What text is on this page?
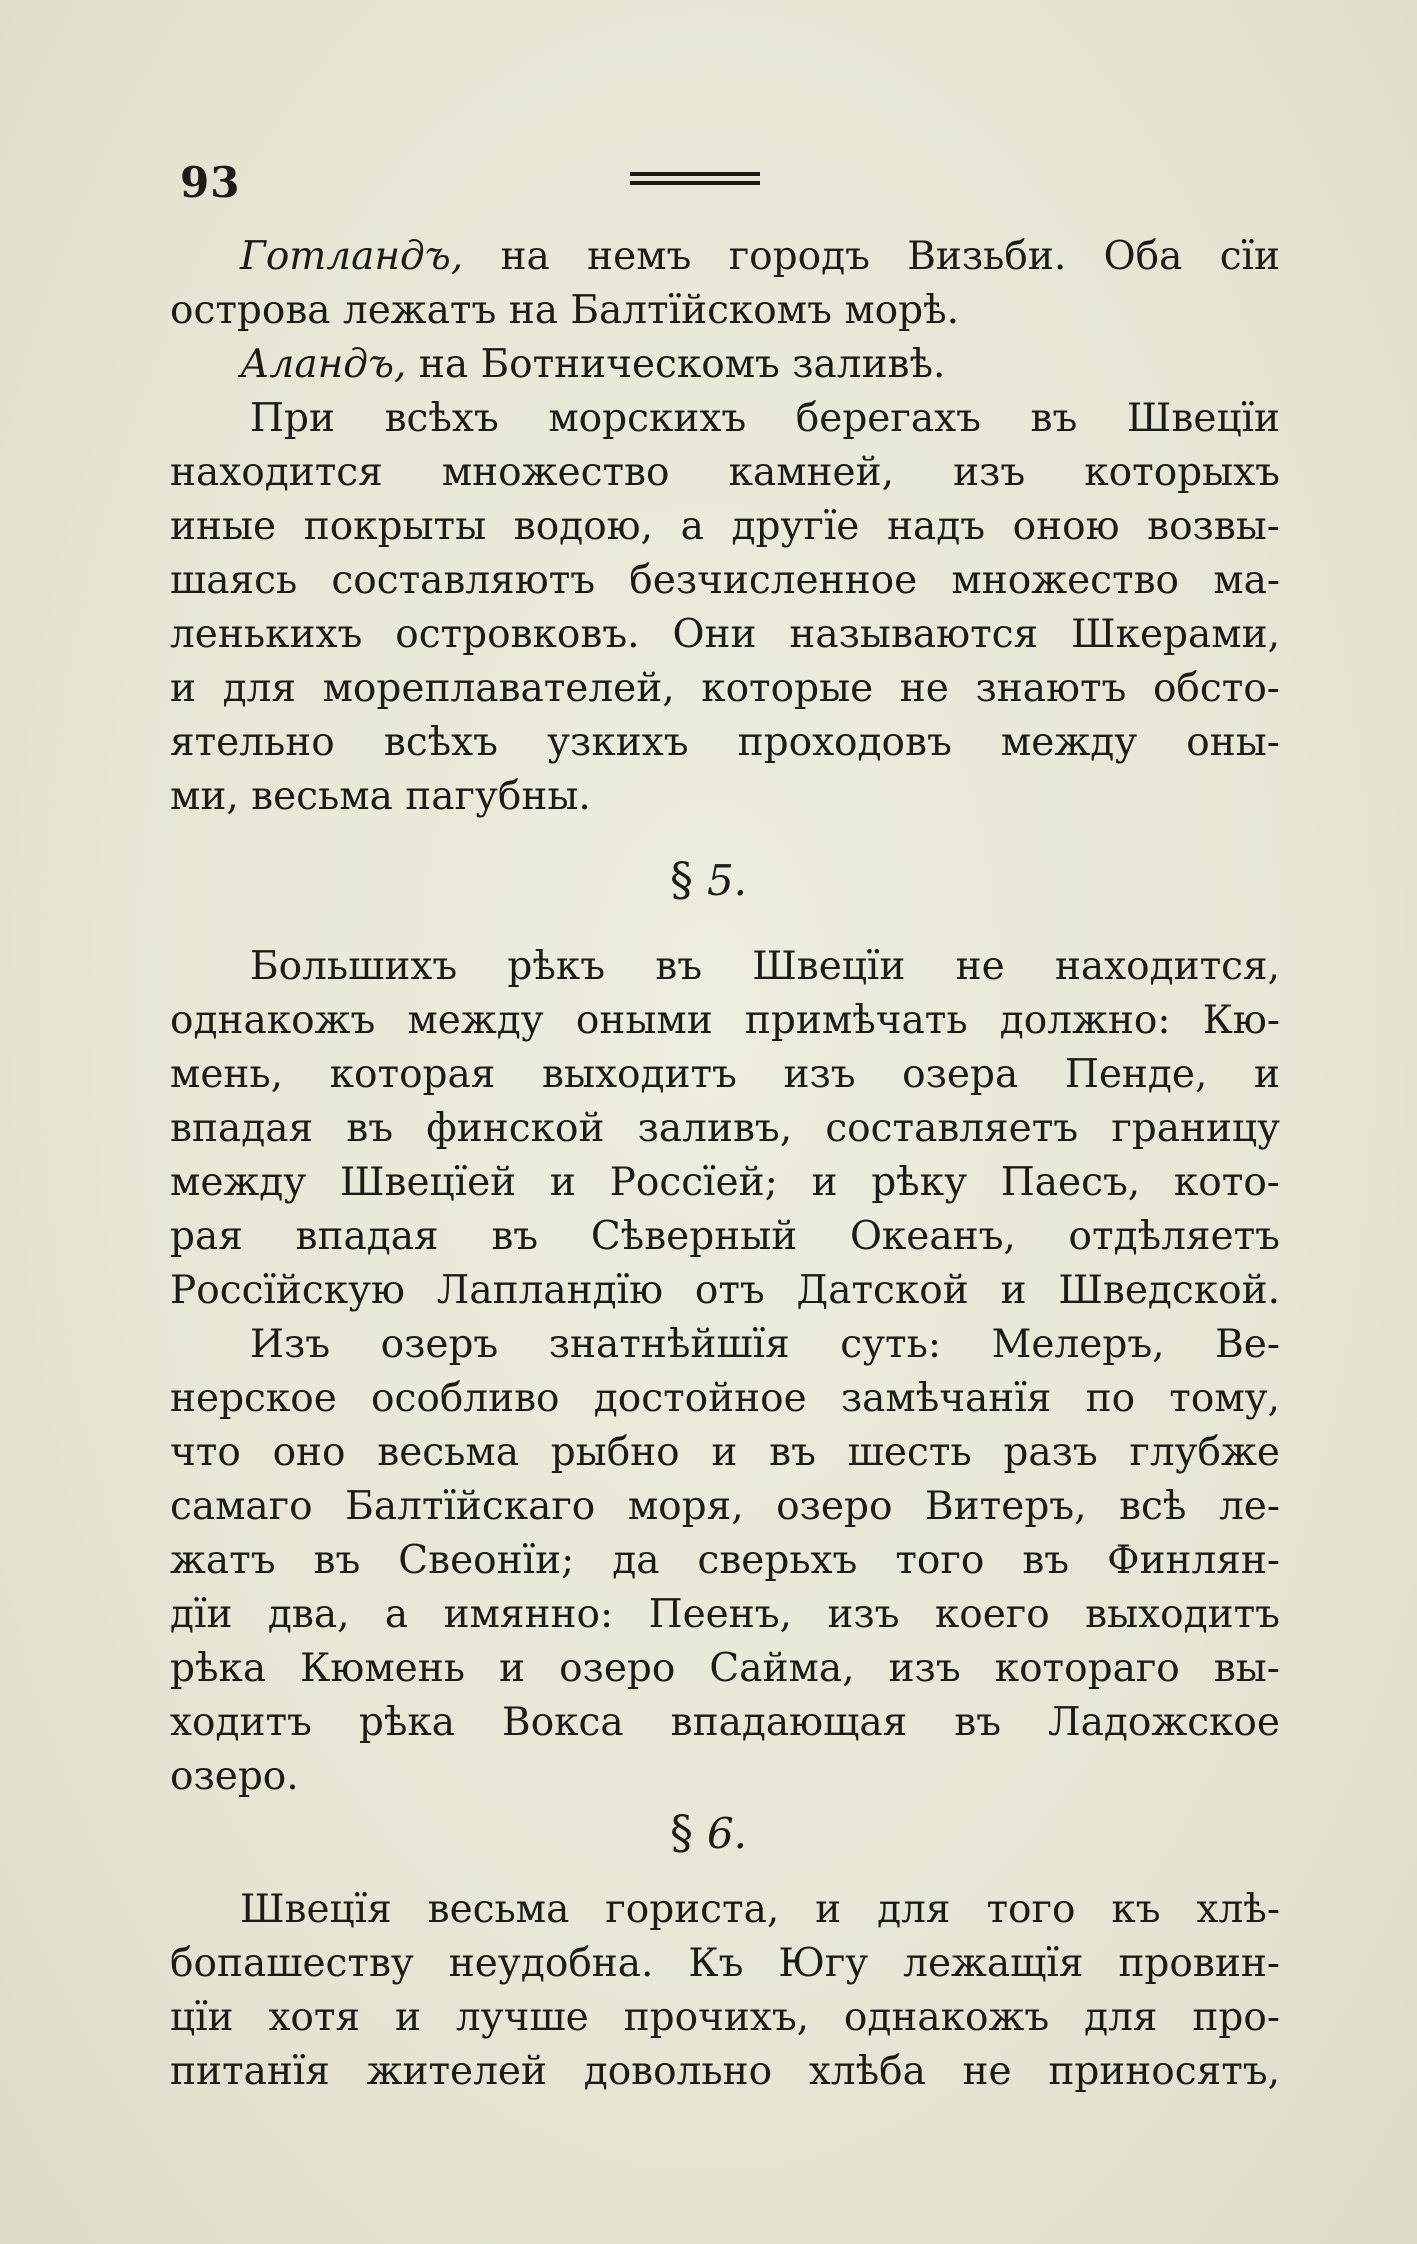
93
Готландъ, на немъ городъ Визьби. Оба сïи
острова лежатъ на Балтïйскомъ морѣ.
Аландъ, на Ботническомъ заливѣ.
При всѣхъ морскихъ берегахъ въ Швецïи
находится множество камней, изъ которыхъ
иные покрыты водою, а другïе надъ оною возвы-
шаясь составляютъ безчисленное множество ма-
ленькихъ островковъ. Они называются Шкерами,
и для мореплавателей, которые не знаютъ обсто-
ятельно всѣхъ узкихъ проходовъ между оны-
ми, весьма пагубны.
§ 5.
Большихъ рѣкъ въ Швецïи не находится,
однакожъ между оными примѣчать должно: Кю-
мень, которая выходитъ изъ озера Пенде, и
впадая въ финской заливъ, составляетъ границу
между Швецïей и Россïей; и рѣку Паесъ, кото-
рая впадая въ Сѣверный Океанъ, отдѣляетъ
Россïйскую Лапландïю отъ Датской и Шведской.
Изъ озеръ знатнѣйшïя суть: Мелеръ, Ве-
нерское особливо достойное замѣчанïя по тому,
что оно весьма рыбно и въ шесть разъ глубже
самаго Балтïйскаго моря, озеро Витеръ, всѣ ле-
жатъ въ Свеонïи; да сверьхъ того въ Финлян-
дïи два, а имянно: Пеенъ, изъ коего выходитъ
рѣка Кюмень и озеро Сайма, изъ котораго вы-
ходитъ рѣка Вокса впадающая въ Ладожское
озеро.
§ 6.
Швецïя весьма гориста, и для того къ хлѣ-
бопашеству неудобна. Къ Югу лежащïя провин-
цïи хотя и лучше прочихъ, однакожъ для про-
питанïя жителей довольно хлѣба не приносятъ,
